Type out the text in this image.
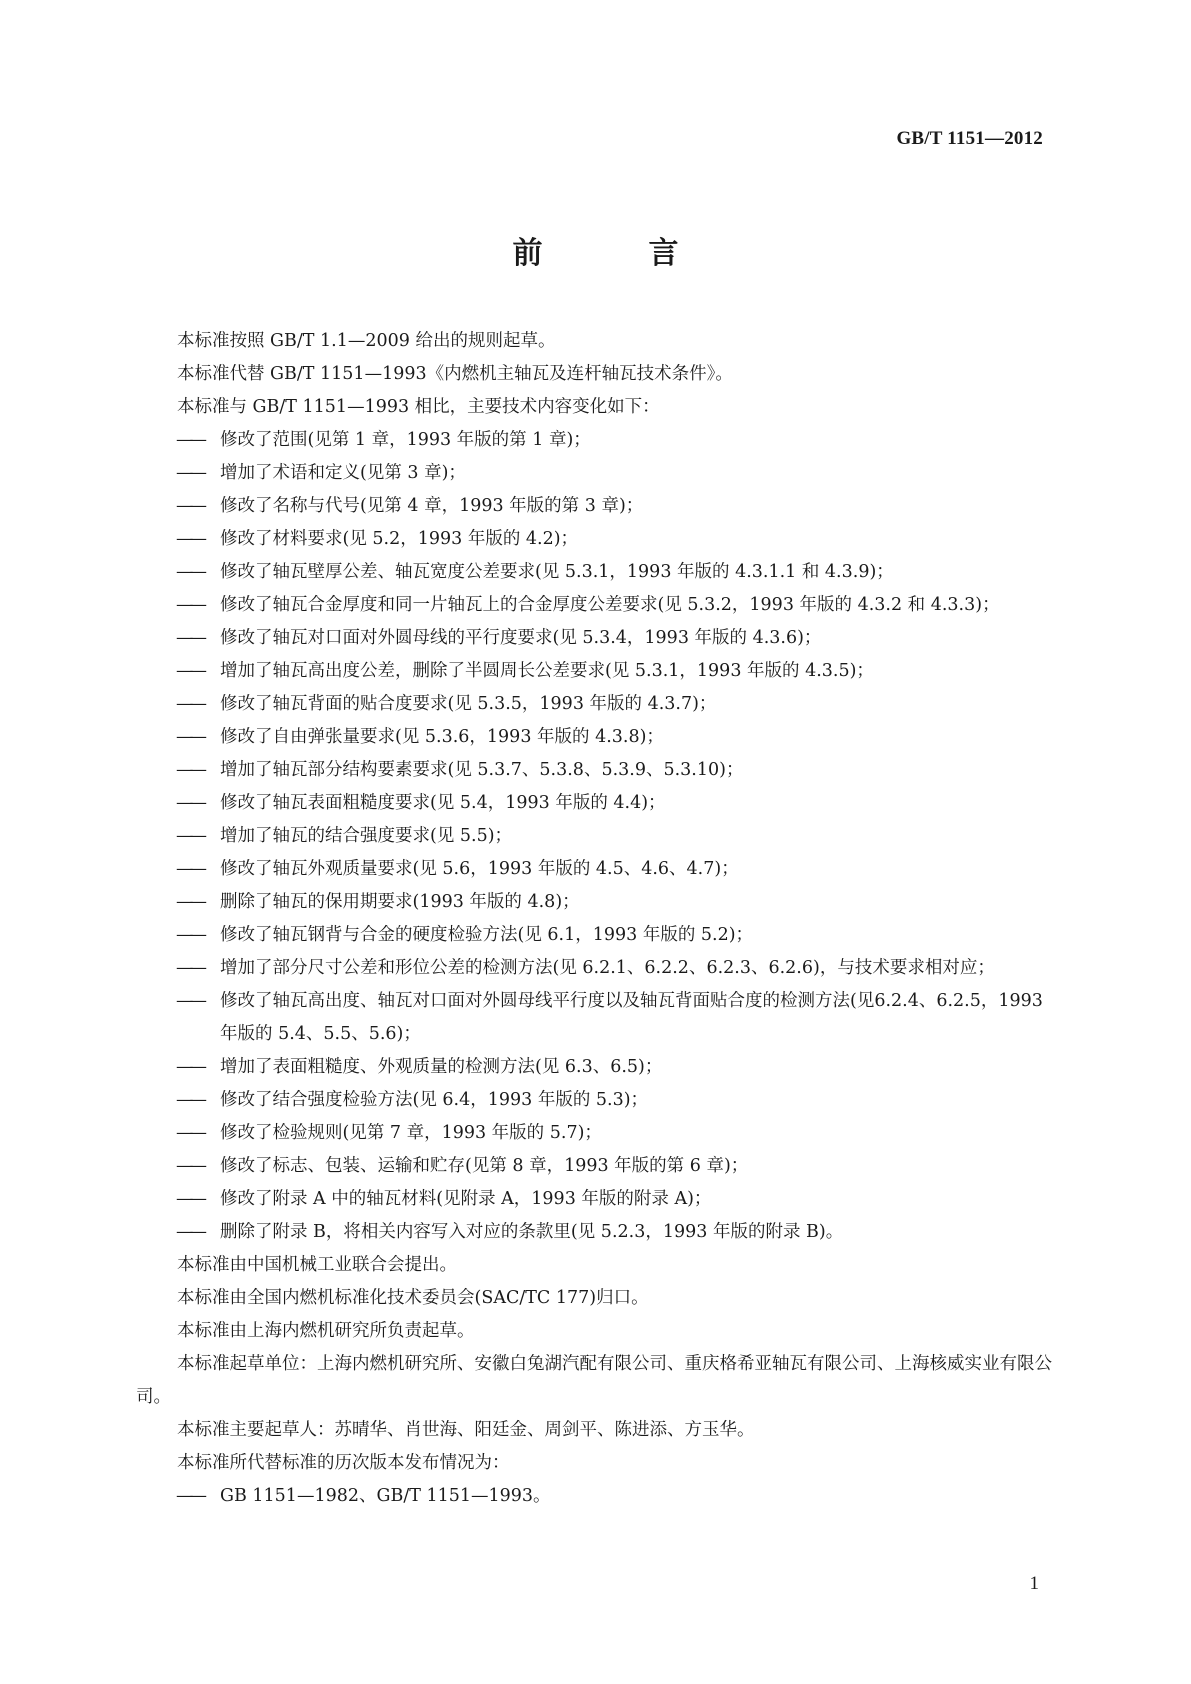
GB/T 1151—2012
前　言

本标准按照 GB/T 1.1—2009 给出的规则起草。

本标准代替 GB/T 1151—1993《内燃机主轴瓦及连杆轴瓦技术条件》。

本标准与 GB/T 1151—1993 相比，主要技术内容变化如下：

—— 修改了范围(见第 1 章，1993 年版的第 1 章)；

—— 增加了术语和定义(见第 3 章)；

—— 修改了名称与代号(见第 4 章，1993 年版的第 3 章)；

—— 修改了材料要求(见 5.2，1993 年版的 4.2)；

—— 修改了轴瓦壁厚公差、轴瓦宽度公差要求(见 5.3.1，1993 年版的 4.3.1.1 和 4.3.9)；

—— 修改了轴瓦合金厚度和同一片轴瓦上的合金厚度公差要求(见 5.3.2，1993 年版的 4.3.2 和 4.3.3)；

—— 修改了轴瓦对口面对外圆母线的平行度要求(见 5.3.4，1993 年版的 4.3.6)；

—— 增加了轴瓦高出度公差，删除了半圆周长公差要求(见 5.3.1，1993 年版的 4.3.5)；

—— 修改了轴瓦背面的贴合度要求(见 5.3.5，1993 年版的 4.3.7)；

—— 修改了自由弹张量要求(见 5.3.6，1993 年版的 4.3.8)；

—— 增加了轴瓦部分结构要素要求(见 5.3.7、5.3.8、5.3.9、5.3.10)；

—— 修改了轴瓦表面粗糙度要求(见 5.4，1993 年版的 4.4)；

—— 增加了轴瓦的结合强度要求(见 5.5)；

—— 修改了轴瓦外观质量要求(见 5.6，1993 年版的 4.5、4.6、4.7)；

—— 删除了轴瓦的保用期要求(1993 年版的 4.8)；

—— 修改了轴瓦钢背与合金的硬度检验方法(见 6.1，1993 年版的 5.2)；

—— 增加了部分尺寸公差和形位公差的检测方法(见 6.2.1、6.2.2、6.2.3、6.2.6)，与技术要求相对应；

—— 修改了轴瓦高出度、轴瓦对口面对外圆母线平行度以及轴瓦背面贴合度的检测方法(见6.2.4、6.2.5，1993 年版的 5.4、5.5、5.6)；

—— 增加了表面粗糙度、外观质量的检测方法(见 6.3、6.5)；

—— 修改了结合强度检验方法(见 6.4，1993 年版的 5.3)；

—— 修改了检验规则(见第 7 章，1993 年版的 5.7)；

—— 修改了标志、包装、运输和贮存(见第 8 章，1993 年版的第 6 章)；

—— 修改了附录 A 中的轴瓦材料(见附录 A，1993 年版的附录 A)；

—— 删除了附录 B，将相关内容写入对应的条款里(见 5.2.3，1993 年版的附录 B)。

本标准由中国机械工业联合会提出。

本标准由全国内燃机标准化技术委员会(SAC/TC 177)归口。

本标准由上海内燃机研究所负责起草。

本标准起草单位：上海内燃机研究所、安徽白兔湖汽配有限公司、重庆格希亚轴瓦有限公司、上海核威实业有限公司。

本标准主要起草人：苏晴华、肖世海、阳廷金、周剑平、陈进添、方玉华。

本标准所代替标准的历次版本发布情况为：

—— GB 1151—1982、GB/T 1151—1993。

1
